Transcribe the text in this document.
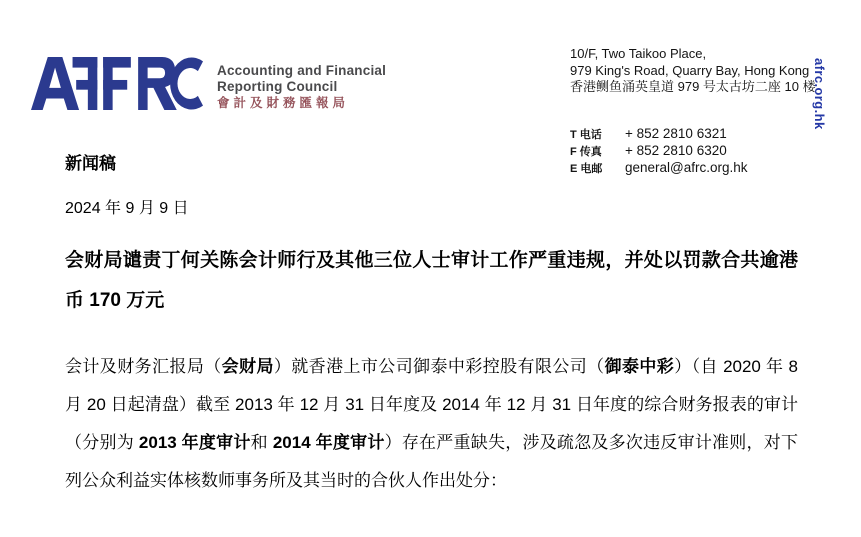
Accounting and Financial
Reporting Council
會計及財務匯報局
10/F, Two Taikoo Place,
979 King's Road, Quarry Bay, Hong Kong
香港鲗鱼涌英皇道 979 号太古坊二座 10 楼
T 电话	+ 852 2810 6321
F 传真	+ 852 2810 6320
E 电邮	general@afrc.org.hk
afrc.org.hk
新闻稿
2024 年 9 月 9 日
会财局谴责丁何关陈会计师行及其他三位人士审计工作严重违规，并处以罚款合共逾港币 170 万元
会计及财务汇报局（会财局）就香港上市公司御泰中彩控股有限公司（御泰中彩）（自 2020 年 8 月 20 日起清盘）截至 2013 年 12 月 31 日年度及 2014 年 12 月 31 日年度的综合财务报表的审计（分别为 2013 年度审计和 2014 年度审计）存在严重缺失，涉及疏忽及多次违反审计准则，对下列公众利益实体核数师事务所及其当时的合伙人作出处分：
